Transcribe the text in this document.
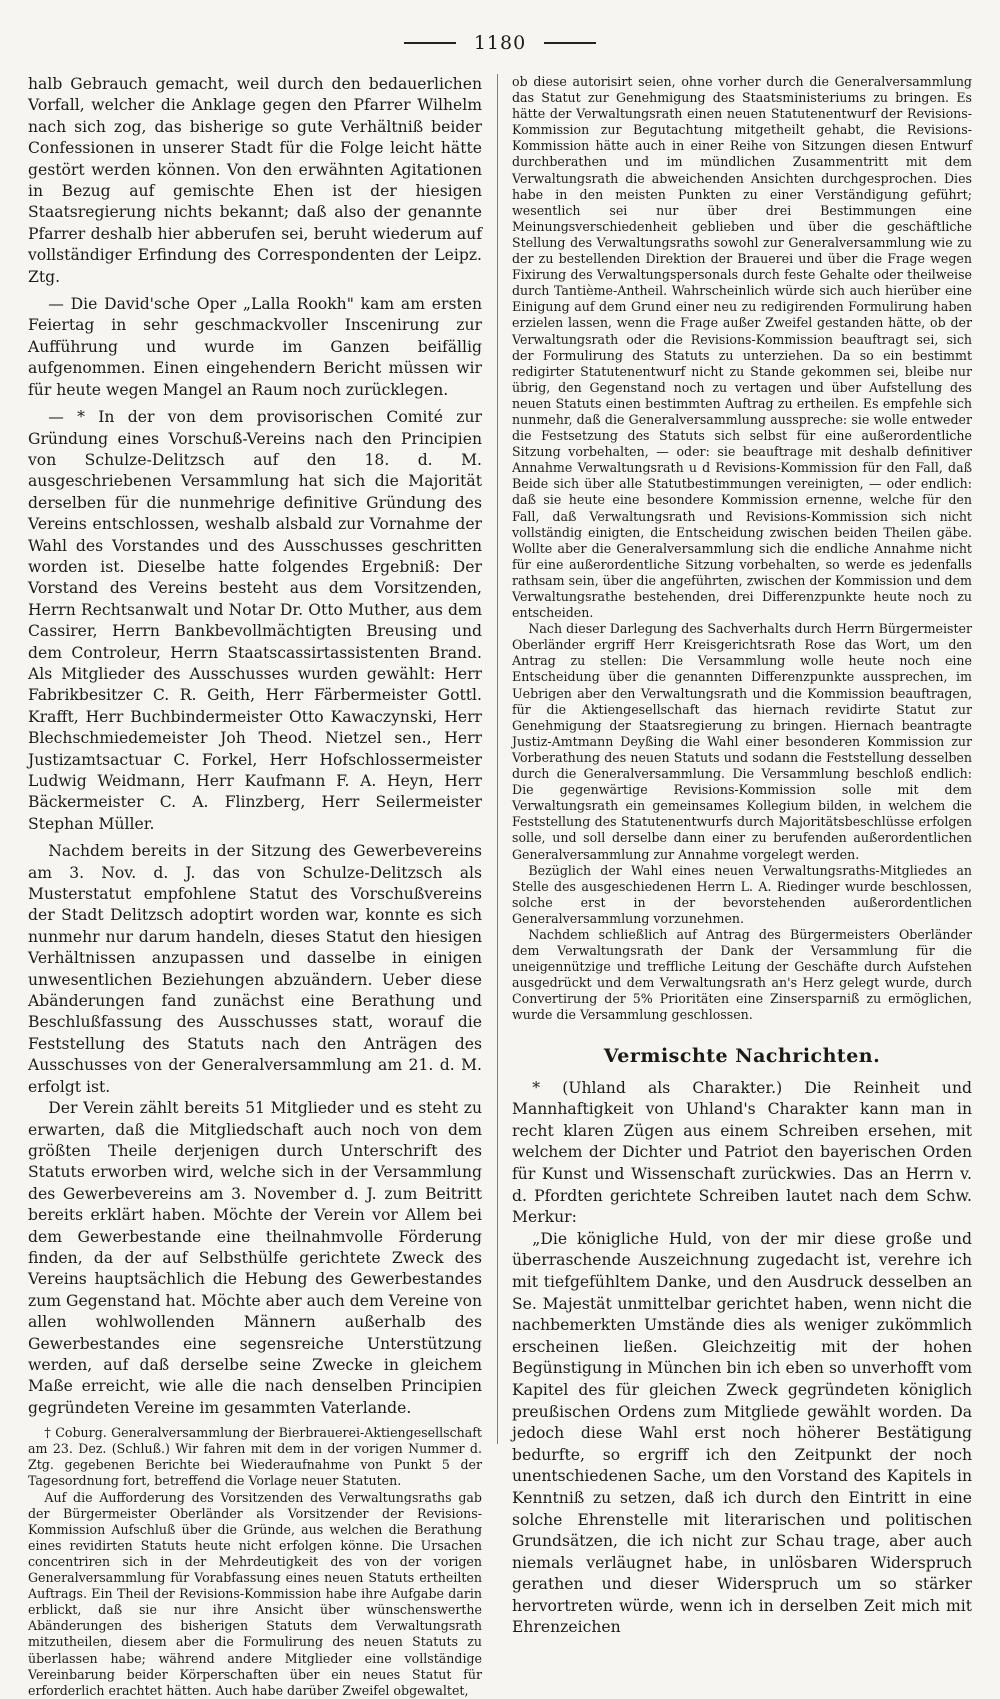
1180

halb Gebrauch gemacht, weil durch den bedauerlichen Vorfall, welcher die Anklage gegen den Pfarrer Wilhelm nach sich zog, das bisherige so gute Verhältniß beider Confessionen in unserer Stadt für die Folge leicht hätte gestört werden können. Von den erwähnten Agitationen in Bezug auf gemischte Ehen ist der hiesigen Staatsregierung nichts bekannt; daß also der genannte Pfarrer deshalb hier abberufen sei, beruht wiederum auf vollständiger Erfindung des Correspondenten der Leipz. Ztg.

— Die David'sche Oper „Lalla Rookh" kam am ersten Feiertag in sehr geschmackvoller Inscenirung zur Aufführung und wurde im Ganzen beifällig aufgenommen. Einen eingehendern Bericht müssen wir für heute wegen Mangel an Raum noch zurücklegen.

— * In der von dem provisorischen Comité zur Gründung eines Vorschuß-Vereins nach den Principien von Schulze-Delitzsch auf den 18. d. M. ausgeschriebenen Versammlung hat sich die Majorität derselben für die nunmehrige definitive Gründung des Vereins entschlossen, weshalb alsbald zur Vornahme der Wahl des Vorstandes und des Ausschusses geschritten worden ist. Dieselbe hatte folgendes Ergebniß: Der Vorstand des Vereins besteht aus dem Vorsitzenden, Herrn Rechtsanwalt und Notar Dr. Otto Muther, aus dem Cassirer, Herrn Bankbevollmächtigten Breusing und dem Controleur, Herrn Staatscassirtassistenten Brand. Als Mitglieder des Ausschusses wurden gewählt: Herr Fabrikbesitzer C. R. Geith, Herr Färbermeister Gottl. Krafft, Herr Buchbindermeister Otto Kawaczynski, Herr Blechschmiedemeister Joh Theod. Nietzel sen., Herr Justizamtsactuar C. Forkel, Herr Hofschlossermeister Ludwig Weidmann, Herr Kaufmann F. A. Heyn, Herr Bäckermeister C. A. Flinzberg, Herr Seilermeister Stephan Müller.

Nachdem bereits in der Sitzung des Gewerbevereins am 3. Nov. d. J. das von Schulze-Delitzsch als Musterstatut empfohlene Statut des Vorschußvereins der Stadt Delitzsch adoptirt worden war, konnte es sich nunmehr nur darum handeln, dieses Statut den hiesigen Verhältnissen anzupassen und dasselbe in einigen unwesentlichen Beziehungen abzuändern. Ueber diese Abänderungen fand zunächst eine Berathung und Beschlußfassung des Ausschusses statt, worauf die Feststellung des Statuts nach den Anträgen des Ausschusses von der Generalversammlung am 21. d. M. erfolgt ist.

Der Verein zählt bereits 51 Mitglieder und es steht zu erwarten, daß die Mitgliedschaft auch noch von dem größten Theile derjenigen durch Unterschrift des Statuts erworben wird, welche sich in der Versammlung des Gewerbevereins am 3. November d. J. zum Beitritt bereits erklärt haben. Möchte der Verein vor Allem bei dem Gewerbestande eine theilnahmvolle Förderung finden, da der auf Selbsthülfe gerichtete Zweck des Vereins hauptsächlich die Hebung des Gewerbestandes zum Gegenstand hat. Möchte aber auch dem Vereine von allen wohlwollenden Männern außerhalb des Gewerbestandes eine segensreiche Unterstützung werden, auf daß derselbe seine Zwecke in gleichem Maße erreicht, wie alle die nach denselben Principien gegründeten Vereine im gesammten Vaterlande.

† Coburg. Generalversammlung der Bierbrauerei-Aktiengesellschaft am 23. Dez. (Schluß.) Wir fahren mit dem in der vorigen Nummer d. Ztg. gegebenen Berichte bei Wiederaufnahme von Punkt 5 der Tagesordnung fort, betreffend die Vorlage neuer Statuten.

Auf die Aufforderung des Vorsitzenden des Verwaltungsraths gab der Bürgermeister Oberländer als Vorsitzender der Revisions-Kommission Aufschluß über die Gründe, aus welchen die Berathung eines revidirten Statuts heute nicht erfolgen könne. Die Ursachen concentriren sich in der Mehrdeutigkeit des von der vorigen Generalversammlung für Vorabfassung eines neuen Statuts ertheilten Auftrags. Ein Theil der Revisions-Kommission habe ihre Aufgabe darin erblickt, daß sie nur ihre Ansicht über wünschenswerthe Abänderungen des bisherigen Statuts dem Verwaltungsrath mitzutheilen, diesem aber die Formulirung des neuen Statuts zu überlassen habe; während andere Mitglieder eine vollständige Vereinbarung beider Körperschaften über ein neues Statut für erforderlich erachtet hätten. Auch habe darüber Zweifel obgewaltet,

ob diese autorisirt seien, ohne vorher durch die Generalversammlung das Statut zur Genehmigung des Staatsministeriums zu bringen. Es hätte der Verwaltungsrath einen neuen Statutenentwurf der Revisions-Kommission zur Begutachtung mitgetheilt gehabt, die Revisions-Kommission hätte auch in einer Reihe von Sitzungen diesen Entwurf durchberathen und im mündlichen Zusammentritt mit dem Verwaltungsrath die abweichenden Ansichten durchgesprochen. Dies habe in den meisten Punkten zu einer Verständigung geführt; wesentlich sei nur über drei Bestimmungen eine Meinungsverschiedenheit geblieben und über die geschäftliche Stellung des Verwaltungsraths sowohl zur Generalversammlung wie zu der zu bestellenden Direktion der Brauerei und über die Frage wegen Fixirung des Verwaltungspersonals durch feste Gehalte oder theilweise durch Tantième-Antheil. Wahrscheinlich würde sich auch hierüber eine Einigung auf dem Grund einer neu zu redigirenden Formulirung haben erzielen lassen, wenn die Frage außer Zweifel gestanden hätte, ob der Verwaltungsrath oder die Revisions-Kommission beauftragt sei, sich der Formulirung des Statuts zu unterziehen. Da so ein bestimmt redigirter Statutenentwurf nicht zu Stande gekommen sei, bleibe nur übrig, den Gegenstand noch zu vertagen und über Aufstellung des neuen Statuts einen bestimmten Auftrag zu ertheilen. Es empfehle sich nunmehr, daß die Generalversammlung ausspreche: sie wolle entweder die Festsetzung des Statuts sich selbst für eine außerordentliche Sitzung vorbehalten, — oder: sie beauftrage mit deshalb definitiver Annahme Verwaltungsrath u d Revisions-Kommission für den Fall, daß Beide sich über alle Statutbestimmungen vereinigten, — oder endlich: daß sie heute eine besondere Kommission ernenne, welche für den Fall, daß Verwaltungsrath und Revisions-Kommission sich nicht vollständig einigten, die Entscheidung zwischen beiden Theilen gäbe. Wollte aber die Generalversammlung sich die endliche Annahme nicht für eine außerordentliche Sitzung vorbehalten, so werde es jedenfalls rathsam sein, über die angeführten, zwischen der Kommission und dem Verwaltungsrathe bestehenden, drei Differenzpunkte heute noch zu entscheiden.

Nach dieser Darlegung des Sachverhalts durch Herrn Bürgermeister Oberländer ergriff Herr Kreisgerichtsrath Rose das Wort, um den Antrag zu stellen: Die Versammlung wolle heute noch eine Entscheidung über die genannten Differenzpunkte aussprechen, im Uebrigen aber den Verwaltungsrath und die Kommission beauftragen, für die Aktiengesellschaft das hiernach revidirte Statut zur Genehmigung der Staatsregierung zu bringen. Hiernach beantragte Justiz-Amtmann Deyßing die Wahl einer besonderen Kommission zur Vorberathung des neuen Statuts und sodann die Feststellung desselben durch die Generalversammlung. Die Versammlung beschloß endlich: Die gegenwärtige Revisions-Kommission solle mit dem Verwaltungsrath ein gemeinsames Kollegium bilden, in welchem die Feststellung des Statutenentwurfs durch Majoritätsbeschlüsse erfolgen solle, und soll derselbe dann einer zu berufenden außerordentlichen Generalversammlung zur Annahme vorgelegt werden.

Bezüglich der Wahl eines neuen Verwaltungsraths-Mitgliedes an Stelle des ausgeschiedenen Herrn L. A. Riedinger wurde beschlossen, solche erst in der bevorstehenden außerordentlichen Generalversammlung vorzunehmen.

Nachdem schließlich auf Antrag des Bürgermeisters Oberländer dem Verwaltungsrath der Dank der Versammlung für die uneigennützige und treffliche Leitung der Geschäfte durch Aufstehen ausgedrückt und dem Verwaltungsrath an's Herz gelegt wurde, durch Convertirung der 5% Prioritäten eine Zinsersparniß zu ermöglichen, wurde die Versammlung geschlossen.

Vermischte Nachrichten.

* (Uhland als Charakter.) Die Reinheit und Mannhaftigkeit von Uhland's Charakter kann man in recht klaren Zügen aus einem Schreiben ersehen, mit welchem der Dichter und Patriot den bayerischen Orden für Kunst und Wissenschaft zurückwies. Das an Herrn v. d. Pfordten gerichtete Schreiben lautet nach dem Schw. Merkur:

„Die königliche Huld, von der mir diese große und überraschende Auszeichnung zugedacht ist, verehre ich mit tiefgefühltem Danke, und den Ausdruck desselben an Se. Majestät unmittelbar gerichtet haben, wenn nicht die nachbemerkten Umstände dies als weniger zukömmlich erscheinen ließen. Gleichzeitig mit der hohen Begünstigung in München bin ich eben so unverhofft vom Kapitel des für gleichen Zweck gegründeten königlich preußischen Ordens zum Mitgliede gewählt worden. Da jedoch diese Wahl erst noch höherer Bestätigung bedurfte, so ergriff ich den Zeitpunkt der noch unentschiedenen Sache, um den Vorstand des Kapitels in Kenntniß zu setzen, daß ich durch den Eintritt in eine solche Ehrenstelle mit literarischen und politischen Grundsätzen, die ich nicht zur Schau trage, aber auch niemals verläugnet habe, in unlösbaren Widerspruch gerathen und dieser Widerspruch um so stärker hervortreten würde, wenn ich in derselben Zeit mich mit Ehrenzeichen
